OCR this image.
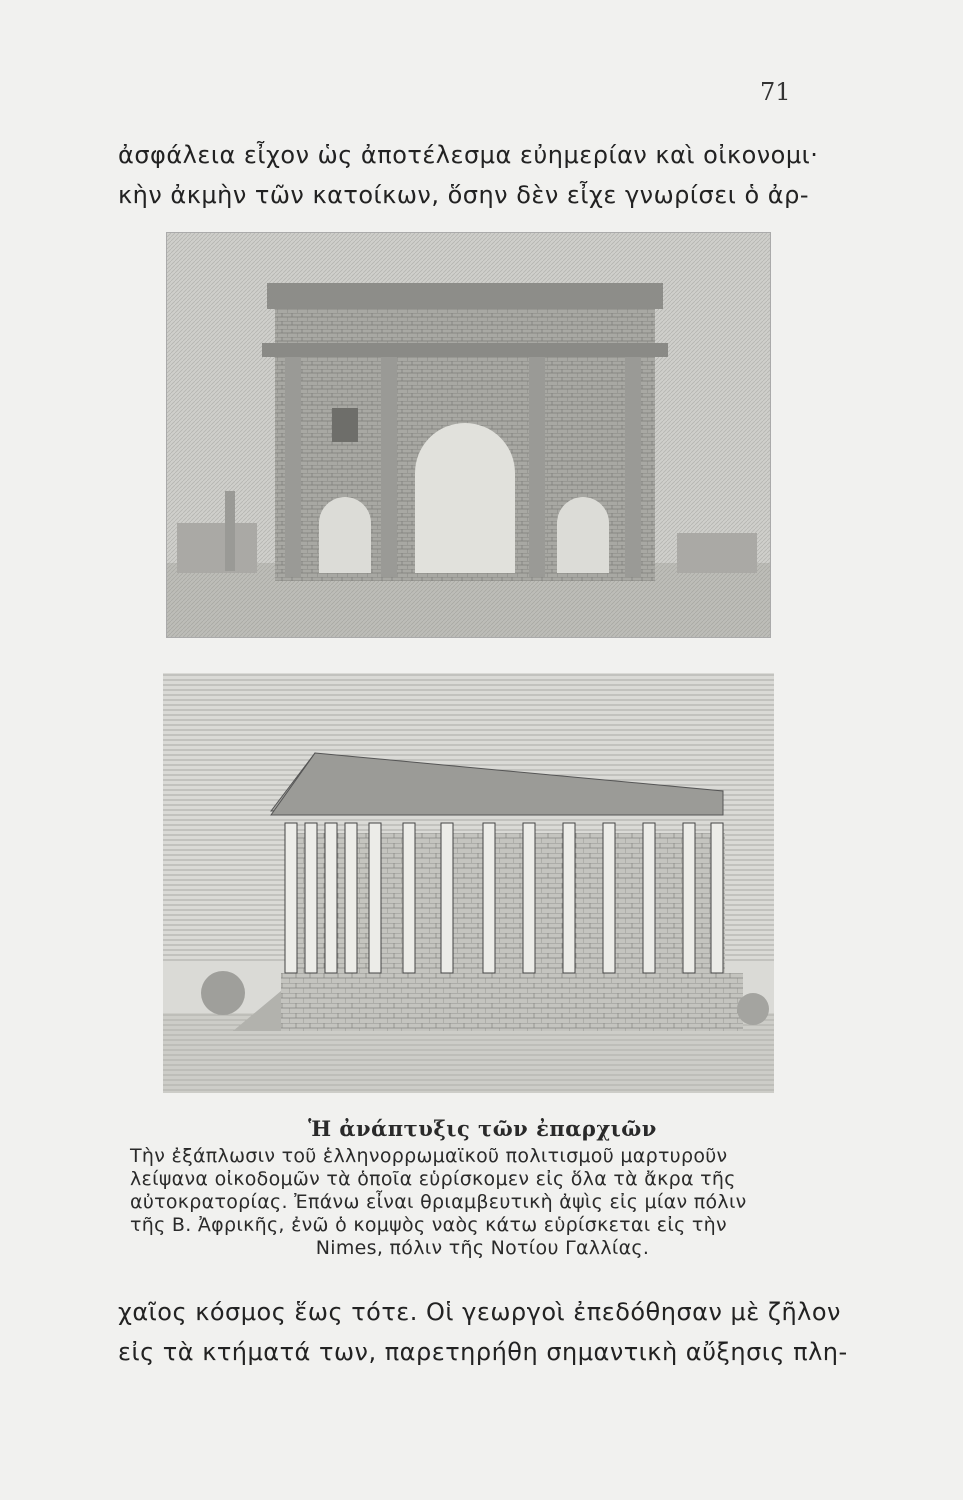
71
ἀσφάλεια εἶχον ὡς ἀποτέλεσμα εὐημερίαν καὶ οἰκονομι·
κὴν ἀκμὴν τῶν κατοίκων, ὅσην δὲν εἶχε γνωρίσει ὁ ἀρ-
Ἡ ἀνάπτυξις τῶν ἐπαρχιῶν
Τὴν ἐξάπλωσιν τοῦ ἑλληνορρωμαϊκοῦ πολιτισμοῦ μαρτυροῦν
λείψανα οἰκοδομῶν τὰ ὁποῖα εὑρίσκομεν εἰς ὅλα τὰ ἄκρα τῆς
αὐτοκρατορίας. Ἐπάνω εἶναι θριαμβευτικὴ ἀψὶς εἰς μίαν πόλιν
τῆς Β. Ἀφρικῆς, ἐνῶ ὁ κομψὸς ναὸς κάτω εὑρίσκεται εἰς τὴν
Nimes, πόλιν τῆς Νοτίου Γαλλίας.
χαῖος κόσμος ἕως τότε. Οἱ γεωργοὶ ἐπεδόθησαν μὲ ζῆλον
εἰς τὰ κτήματά των, παρετηρήθη σημαντικὴ αὔξησις πλη-
